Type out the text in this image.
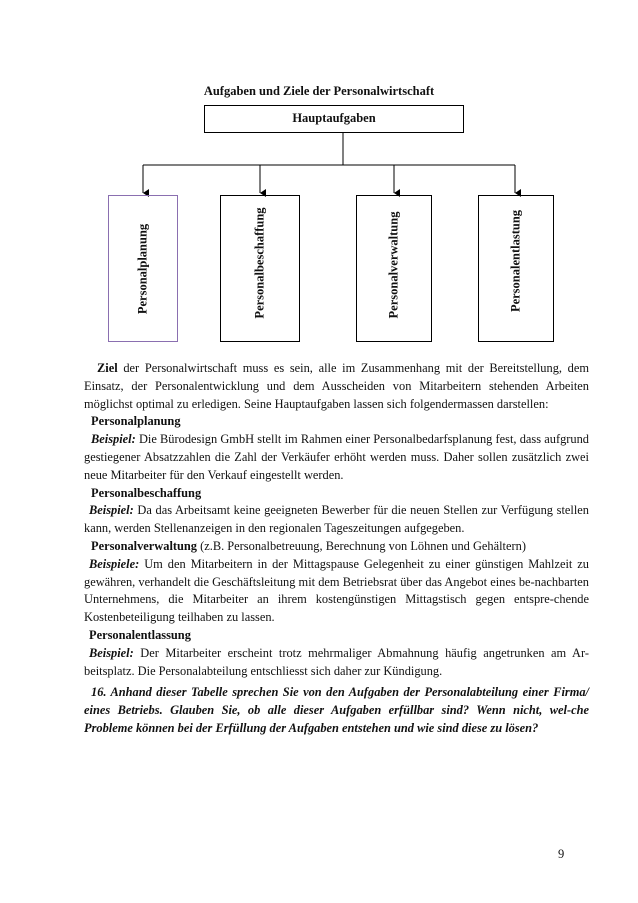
Aufgaben und Ziele der Personalwirtschaft
Hauptaufgaben
Personalplanung	Personalbeschaffung	Personalverwaltung	Personalentlastung

Ziel der Personalwirtschaft muss es sein, alle im Zusammenhang mit der Bereitstellung, dem Einsatz, der Personalentwicklung und dem Ausscheiden von Mitarbeitern stehenden Arbeiten möglichst optimal zu erledigen. Seine Hauptaufgaben lassen sich folgendermassen darstellen:

Personalplanung

Beispiel: Die Bürodesign GmbH stellt im Rahmen einer Personalbedarfsplanung fest, dass aufgrund gestiegener Absatzzahlen die Zahl der Verkäufer erhöht werden muss. Daher sollen zusätzlich zwei neue Mitarbeiter für den Verkauf eingestellt werden.

Personalbeschaffung

Beispiel: Da das Arbeitsamt keine geeigneten Bewerber für die neuen Stellen zur Verfügung stellen kann, werden Stellenanzeigen in den regionalen Tageszeitungen aufgegeben.

Personalverwaltung (z.B. Personalbetreuung, Berechnung von Löhnen und Gehältern)

Beispiele: Um den Mitarbeitern in der Mittagspause Gelegenheit zu einer günstigen Mahlzeit zu gewähren, verhandelt die Geschäftsleitung mit dem Betriebsrat über das Angebot eines be-nachbarten Unternehmens, die Mitarbeiter an ihrem kostengünstigen Mittagstisch gegen entspre-chende Kostenbeteiligung teilhaben zu lassen.

Personalentlassung

Beispiel: Der Mitarbeiter erscheint trotz mehrmaliger Abmahnung häufig angetrunken am Ar-beitsplatz. Die Personalabteilung entschliesst sich daher zur Kündigung.

16. Anhand dieser Tabelle sprechen Sie von den Aufgaben der Personalabteilung einer Firma/ eines Betriebs. Glauben Sie, ob alle dieser Aufgaben erfüllbar sind? Wenn nicht, wel-che Probleme können bei der Erfüllung der Aufgaben entstehen und wie sind diese zu lösen?

9
